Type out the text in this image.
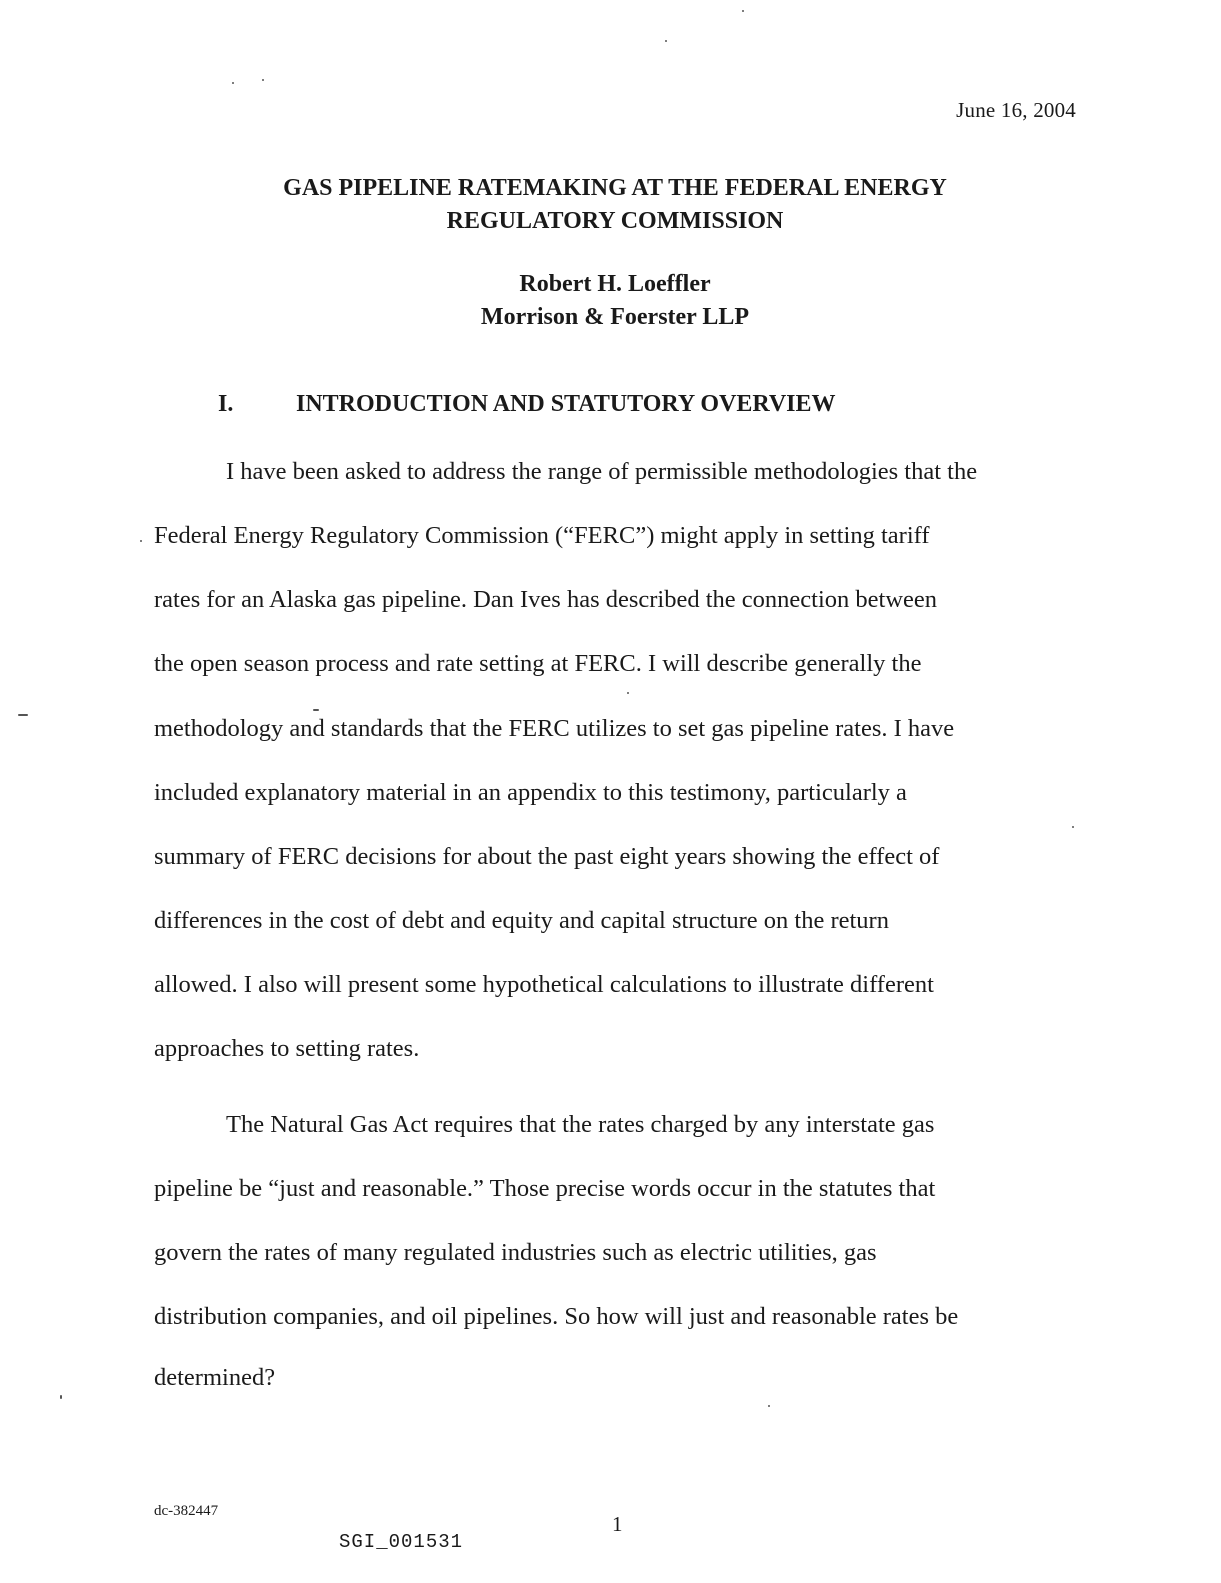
June 16, 2004
GAS PIPELINE RATEMAKING AT THE FEDERAL ENERGY
REGULATORY COMMISSION
Robert H. Loeffler
Morrison & Foerster LLP
I.	INTRODUCTION AND STATUTORY OVERVIEW
I have been asked to address the range of permissible methodologies that the
Federal Energy Regulatory Commission (“FERC”) might apply in setting tariff
rates for an Alaska gas pipeline. Dan Ives has described the connection between
the open season process and rate setting at FERC. I will describe generally the
methodology and standards that the FERC utilizes to set gas pipeline rates. I have
included explanatory material in an appendix to this testimony, particularly a
summary of FERC decisions for about the past eight years showing the effect of
differences in the cost of debt and equity and capital structure on the return
allowed. I also will present some hypothetical calculations to illustrate different
approaches to setting rates.
The Natural Gas Act requires that the rates charged by any interstate gas
pipeline be “just and reasonable.” Those precise words occur in the statutes that
govern the rates of many regulated industries such as electric utilities, gas
distribution companies, and oil pipelines. So how will just and reasonable rates be
determined?
dc-382447
1
SGI_001531
